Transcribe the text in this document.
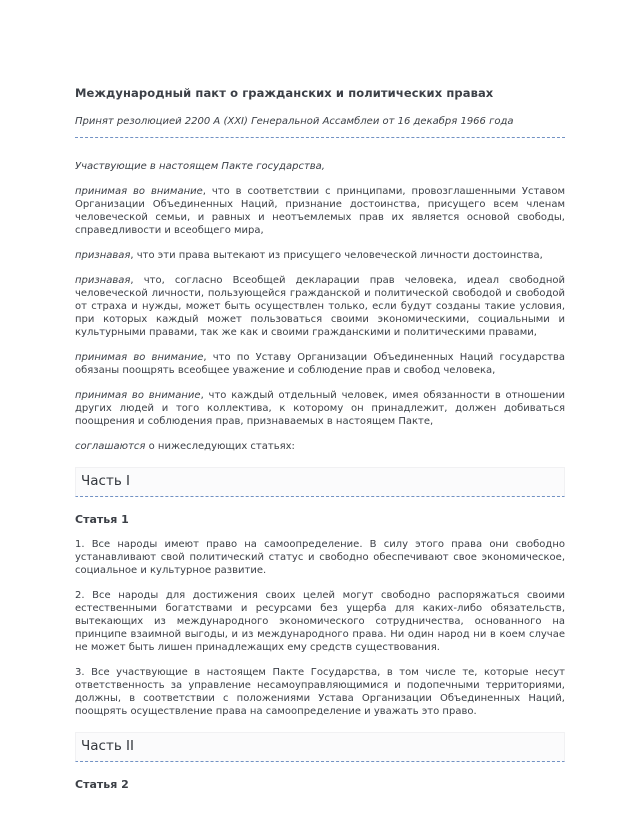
Международный пакт о гражданских и политических правах

Принят резолюцией 2200 А (XXI) Генеральной Ассамблеи от 16 декабря 1966 года

Участвующие в настоящем Пакте государства,

принимая во внимание, что в соответствии с принципами, провозглашенными Уставом Организации Объединенных Наций, признание достоинства, присущего всем членам человеческой семьи, и равных и неотъемлемых прав их является основой свободы, справедливости и всеобщего мира,

признавая, что эти права вытекают из присущего человеческой личности достоинства,

признавая, что, согласно Всеобщей декларации прав человека, идеал свободной человеческой личности, пользующейся гражданской и политической свободой и свободой от страха и нужды, может быть осуществлен только, если будут созданы такие условия, при которых каждый может пользоваться своими экономическими, социальными и культурными правами, так же как и своими гражданскими и политическими правами,

принимая во внимание, что по Уставу Организации Объединенных Наций государства обязаны поощрять всеобщее уважение и соблюдение прав и свобод человека,

принимая во внимание, что каждый отдельный человек, имея обязанности в отношении других людей и того коллектива, к которому он принадлежит, должен добиваться поощрения и соблюдения прав, признаваемых в настоящем Пакте,

соглашаются о нижеследующих статьях:

Часть I
Статья 1

1. Все народы имеют право на самоопределение. В силу этого права они свободно устанавливают свой политический статус и свободно обеспечивают свое экономическое, социальное и культурное развитие.

2. Все народы для достижения своих целей могут свободно распоряжаться своими естественными богатствами и ресурсами без ущерба для каких-либо обязательств, вытекающих из международного экономического сотрудничества, основанного на принципе взаимной выгоды, и из международного права. Ни один народ ни в коем случае не может быть лишен принадлежащих ему средств существования.

3. Все участвующие в настоящем Пакте Государства, в том числе те, которые несут ответственность за управление несамоуправляющимися и подопечными территориями, должны, в соответствии с положениями Устава Организации Объединенных Наций, поощрять осуществление права на самоопределение и уважать это право.

Часть II
Статья 2
